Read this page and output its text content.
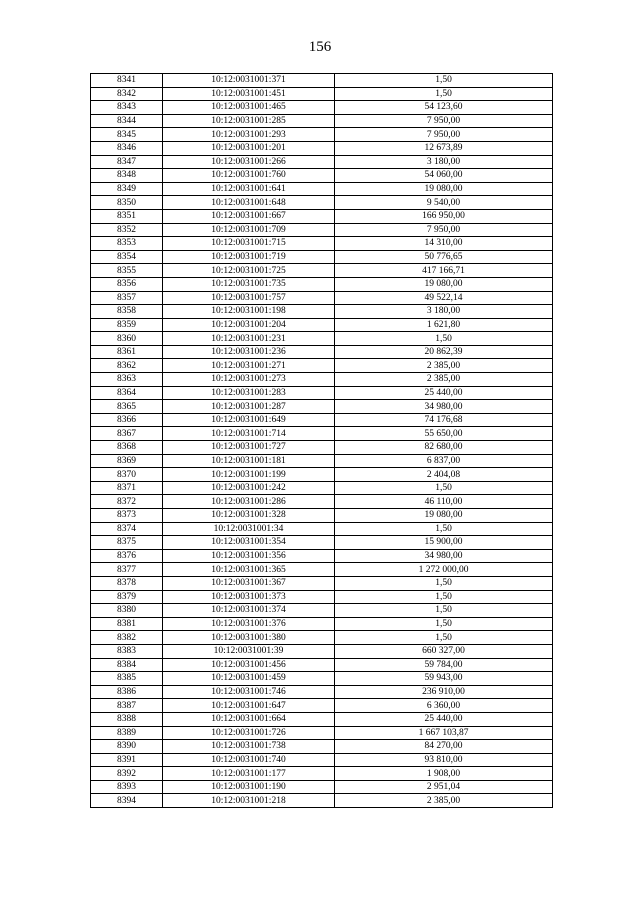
156
8341	10:12:0031001:371	1,50
8342	10:12:0031001:451	1,50
8343	10:12:0031001:465	54 123,60
8344	10:12:0031001:285	7 950,00
8345	10:12:0031001:293	7 950,00
8346	10:12:0031001:201	12 673,89
8347	10:12:0031001:266	3 180,00
8348	10:12:0031001:760	54 060,00
8349	10:12:0031001:641	19 080,00
8350	10:12:0031001:648	9 540,00
8351	10:12:0031001:667	166 950,00
8352	10:12:0031001:709	7 950,00
8353	10:12:0031001:715	14 310,00
8354	10:12:0031001:719	50 776,65
8355	10:12:0031001:725	417 166,71
8356	10:12:0031001:735	19 080,00
8357	10:12:0031001:757	49 522,14
8358	10:12:0031001:198	3 180,00
8359	10:12:0031001:204	1 621,80
8360	10:12:0031001:231	1,50
8361	10:12:0031001:236	20 862,39
8362	10:12:0031001:271	2 385,00
8363	10:12:0031001:273	2 385,00
8364	10:12:0031001:283	25 440,00
8365	10:12:0031001:287	34 980,00
8366	10:12:0031001:649	74 176,68
8367	10:12:0031001:714	55 650,00
8368	10:12:0031001:727	82 680,00
8369	10:12:0031001:181	6 837,00
8370	10:12:0031001:199	2 404,08
8371	10:12:0031001:242	1,50
8372	10:12:0031001:286	46 110,00
8373	10:12:0031001:328	19 080,00
8374	10:12:0031001:34	1,50
8375	10:12:0031001:354	15 900,00
8376	10:12:0031001:356	34 980,00
8377	10:12:0031001:365	1 272 000,00
8378	10:12:0031001:367	1,50
8379	10:12:0031001:373	1,50
8380	10:12:0031001:374	1,50
8381	10:12:0031001:376	1,50
8382	10:12:0031001:380	1,50
8383	10:12:0031001:39	660 327,00
8384	10:12:0031001:456	59 784,00
8385	10:12:0031001:459	59 943,00
8386	10:12:0031001:746	236 910,00
8387	10:12:0031001:647	6 360,00
8388	10:12:0031001:664	25 440,00
8389	10:12:0031001:726	1 667 103,87
8390	10:12:0031001:738	84 270,00
8391	10:12:0031001:740	93 810,00
8392	10:12:0031001:177	1 908,00
8393	10:12:0031001:190	2 951,04
8394	10:12:0031001:218	2 385,00
